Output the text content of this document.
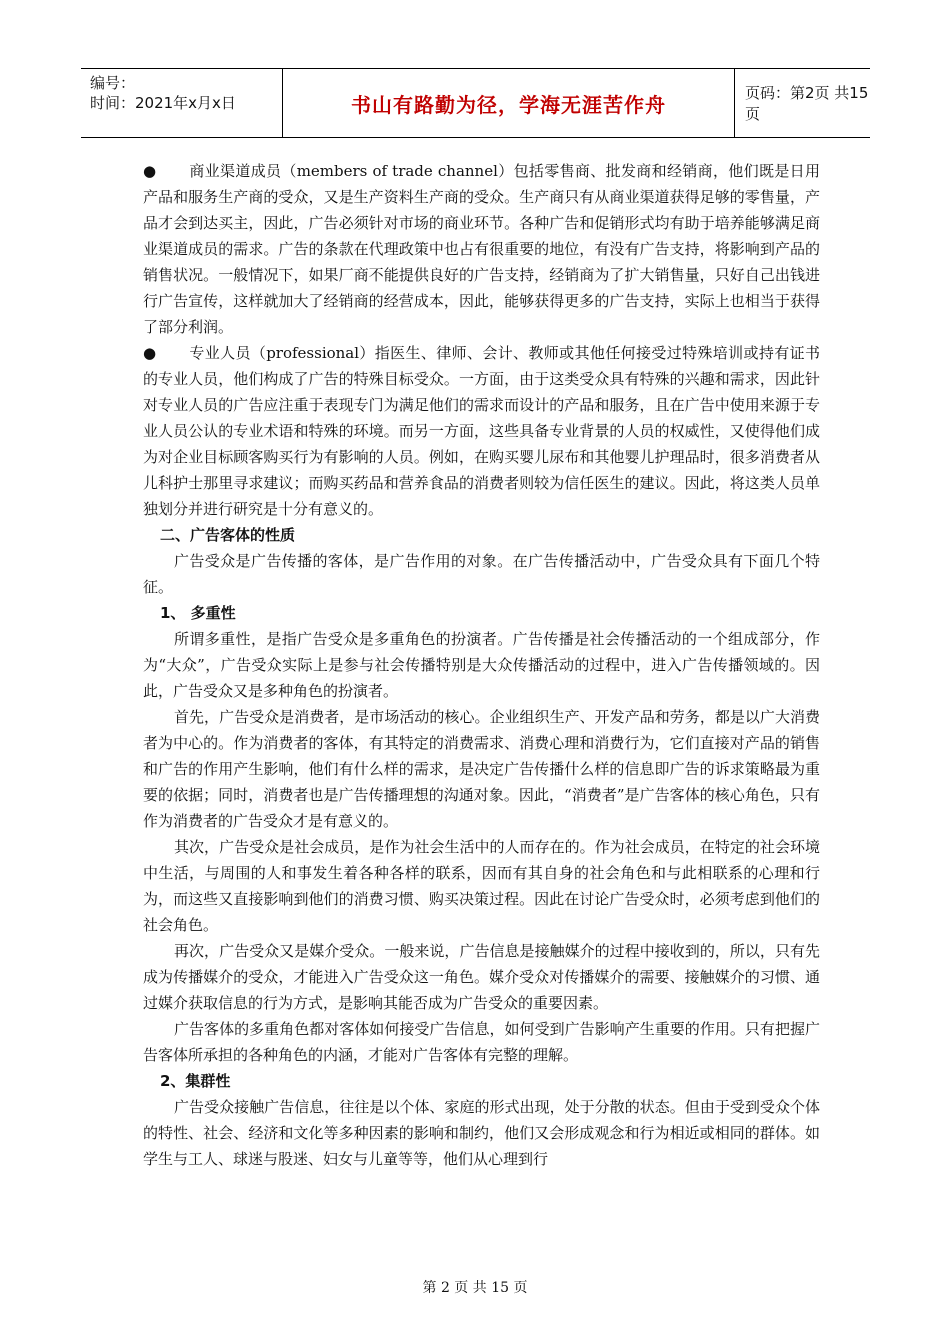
编号：
时间：2021年x月x日	书山有路勤为径，学海无涯苦作舟	页码：第2页 共15页

● 商业渠道成员（members of trade channel）包括零售商、批发商和经销商，他们既是日用产品和服务生产商的受众，又是生产资料生产商的受众。生产商只有从商业渠道获得足够的零售量，产品才会到达买主，因此，广告必须针对市场的商业环节。各种广告和促销形式均有助于培养能够满足商业渠道成员的需求。广告的条款在代理政策中也占有很重要的地位，有没有广告支持，将影响到产品的销售状况。一般情况下，如果厂商不能提供良好的广告支持，经销商为了扩大销售量，只好自己出钱进行广告宣传，这样就加大了经销商的经营成本，因此，能够获得更多的广告支持，实际上也相当于获得了部分利润。

● 专业人员（professional）指医生、律师、会计、教师或其他任何接受过特殊培训或持有证书的专业人员，他们构成了广告的特殊目标受众。一方面，由于这类受众具有特殊的兴趣和需求，因此针对专业人员的广告应注重于表现专门为满足他们的需求而设计的产品和服务，且在广告中使用来源于专业人员公认的专业术语和特殊的环境。而另一方面，这些具备专业背景的人员的权威性，又使得他们成为对企业目标顾客购买行为有影响的人员。例如，在购买婴儿尿布和其他婴儿护理品时，很多消费者从儿科护士那里寻求建议；而购买药品和营养食品的消费者则较为信任医生的建议。因此，将这类人员单独划分并进行研究是十分有意义的。

二、广告客体的性质

广告受众是广告传播的客体，是广告作用的对象。在广告传播活动中，广告受众具有下面几个特征。

1、 多重性

所谓多重性，是指广告受众是多重角色的扮演者。广告传播是社会传播活动的一个组成部分，作为“大众”，广告受众实际上是参与社会传播特别是大众传播活动的过程中，进入广告传播领域的。因此，广告受众又是多种角色的扮演者。

首先，广告受众是消费者，是市场活动的核心。企业组织生产、开发产品和劳务，都是以广大消费者为中心的。作为消费者的客体，有其特定的消费需求、消费心理和消费行为，它们直接对产品的销售和广告的作用产生影响，他们有什么样的需求，是决定广告传播什么样的信息即广告的诉求策略最为重要的依据；同时，消费者也是广告传播理想的沟通对象。因此，“消费者”是广告客体的核心角色，只有作为消费者的广告受众才是有意义的。

其次，广告受众是社会成员，是作为社会生活中的人而存在的。作为社会成员，在特定的社会环境中生活，与周围的人和事发生着各种各样的联系，因而有其自身的社会角色和与此相联系的心理和行为，而这些又直接影响到他们的消费习惯、购买决策过程。因此在讨论广告受众时，必须考虑到他们的社会角色。

再次，广告受众又是媒介受众。一般来说，广告信息是接触媒介的过程中接收到的，所以，只有先成为传播媒介的受众，才能进入广告受众这一角色。媒介受众对传播媒介的需要、接触媒介的习惯、通过媒介获取信息的行为方式，是影响其能否成为广告受众的重要因素。

广告客体的多重角色都对客体如何接受广告信息，如何受到广告影响产生重要的作用。只有把握广告客体所承担的各种角色的内涵，才能对广告客体有完整的理解。

2、集群性

广告受众接触广告信息，往往是以个体、家庭的形式出现，处于分散的状态。但由于受到受众个体的特性、社会、经济和文化等多种因素的影响和制约，他们又会形成观念和行为相近或相同的群体。如学生与工人、球迷与股迷、妇女与儿童等等，他们从心理到行

第 2 页 共 15 页
